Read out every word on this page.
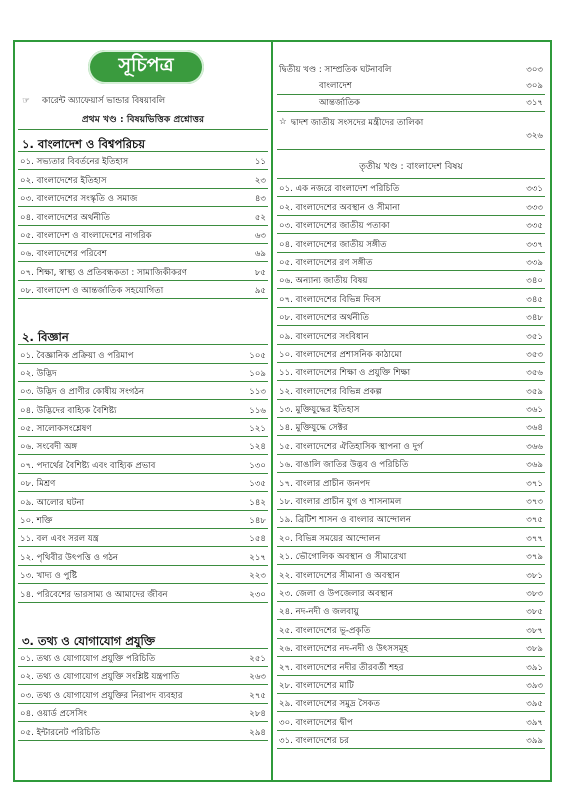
সূচিপত্র
☞ কারেন্ট অ্যাফেয়ার্স ভান্ডার বিষয়াবলি
প্রথম খণ্ড : বিষয়ভিত্তিক প্রশ্নোত্তর
১. বাংলাদেশ ও বিশ্বপরিচয়
০১. সভ্যতার বিবর্তনের ইতিহাস	১১
০২. বাংলাদেশের ইতিহাস	২৩
০৩. বাংলাদেশের সংস্কৃতি ও সমাজ	৪৩
০৪. বাংলাদেশের অর্থনীতি	৫২
০৫. বাংলাদেশ ও বাংলাদেশের নাগরিক	৬৩
০৬. বাংলাদেশের পরিবেশ	৬৯
০৭. শিক্ষা, স্বাস্থ্য ও প্রতিবন্ধকতা : সামাজিকীকরণ	৮৫
০৮. বাংলাদেশ ও আন্তর্জাতিক সহযোগিতা	৯৫
২. বিজ্ঞান
০১. বৈজ্ঞানিক প্রক্রিয়া ও পরিমাপ	১০৫
০২. উদ্ভিদ	১০৯
০৩. উদ্ভিদ ও প্রাণীর কোষীয় সংগঠন	১১৩
০৪. উদ্ভিদের বাহ্যিক বৈশিষ্ট্য	১১৬
০৫. সালোকসংশ্লেষণ	১২১
০৬. সংবেদী অঙ্গ	১২৪
০৭. পদার্থের বৈশিষ্ট্য এবং বাহ্যিক প্রভাব	১৩০
০৮. মিশ্রণ	১৩৫
০৯. আলোর ঘটনা	১৪২
১০. শক্তি	১৪৮
১১. বল এবং সরল যন্ত্র	১৫৪
১২. পৃথিবীর উৎপত্তি ও গঠন	২১৭
১৩. খাদ্য ও পুষ্টি	২২৩
১৪. পরিবেশের ভারসাম্য ও আমাদের জীবন	২৩০
৩. তথ্য ও যোগাযোগ প্রযুক্তি
০১. তথ্য ও যোগাযোগ প্রযুক্তি পরিচিতি	২৫১
০২. তথ্য ও যোগাযোগ প্রযুক্তি সংশ্লিষ্ট যন্ত্রপাতি	২৬৩
০৩. তথ্য ও যোগাযোগ প্রযুক্তির নিরাপদ ব্যবহার	২৭৫
০৪. ওয়ার্ড প্রসেসিং	২৮৪
০৫. ইন্টারনেট পরিচিতি	২৯৪
দ্বিতীয় খণ্ড : সাম্প্রতিক ঘটনাবলি	৩০৩
বাংলাদেশ	৩০৯
আন্তর্জাতিক	৩১৭
☆ দ্বাদশ জাতীয় সংসদের মন্ত্রীদের তালিকা
৩২৬
তৃতীয় খণ্ড : বাংলাদেশ বিষয়
০১. এক নজরে বাংলাদেশ পরিচিতি	৩৩১
০২. বাংলাদেশের অবস্থান ও সীমানা	৩৩৩
০৩. বাংলাদেশের জাতীয় পতাকা	৩৩৫
০৪. বাংলাদেশের জাতীয় সঙ্গীত	৩৩৭
০৫. বাংলাদেশের রণ সঙ্গীত	৩৩৯
০৬. অন্যান্য জাতীয় বিষয়	৩৪০
০৭. বাংলাদেশের বিভিন্ন দিবস	৩৪৫
০৮. বাংলাদেশের অর্থনীতি	৩৪৮
০৯. বাংলাদেশের সংবিধান	৩৫১
১০. বাংলাদেশের প্রশাসনিক কাঠামো	৩৫৩
১১. বাংলাদেশের শিক্ষা ও প্রযুক্তি শিক্ষা	৩৫৬
১২. বাংলাদেশের বিভিন্ন প্রকল্প	৩৫৯
১৩. মুক্তিযুদ্ধের ইতিহাস	৩৬১
১৪. মুক্তিযুদ্ধে সেক্টর	৩৬৪
১৫. বাংলাদেশের ঐতিহাসিক স্থাপনা ও দুর্গ	৩৬৬
১৬. বাঙালি জাতির উদ্ভব ও পরিচিতি	৩৬৯
১৭. বাংলার প্রাচীন জনপদ	৩৭১
১৮. বাংলার প্রাচীন যুগ ও শাসনামল	৩৭৩
১৯. ব্রিটিশ শাসন ও বাংলার আন্দোলন	৩৭৫
২০. বিভিন্ন সময়ের আন্দোলন	৩৭৭
২১. ভৌগোলিক অবস্থান ও সীমারেখা	৩৭৯
২২. বাংলাদেশের সীমানা ও অবস্থান	৩৮১
২৩. জেলা ও উপজেলার অবস্থান	৩৮৩
২৪. নদ-নদী ও জলবায়ু	৩৮৫
২৫. বাংলাদেশের ভূ-প্রকৃতি	৩৮৭
২৬. বাংলাদেশের নদ-নদী ও উৎসসমূহ	৩৮৯
২৭. বাংলাদেশের নদীর তীরবর্তী শহর	৩৯১
২৮. বাংলাদেশের মাটি	৩৯৩
২৯. বাংলাদেশের সমুদ্র সৈকত	৩৯৫
৩০. বাংলাদেশের দ্বীপ	৩৯৭
৩১. বাংলাদেশের চর	৩৯৯
